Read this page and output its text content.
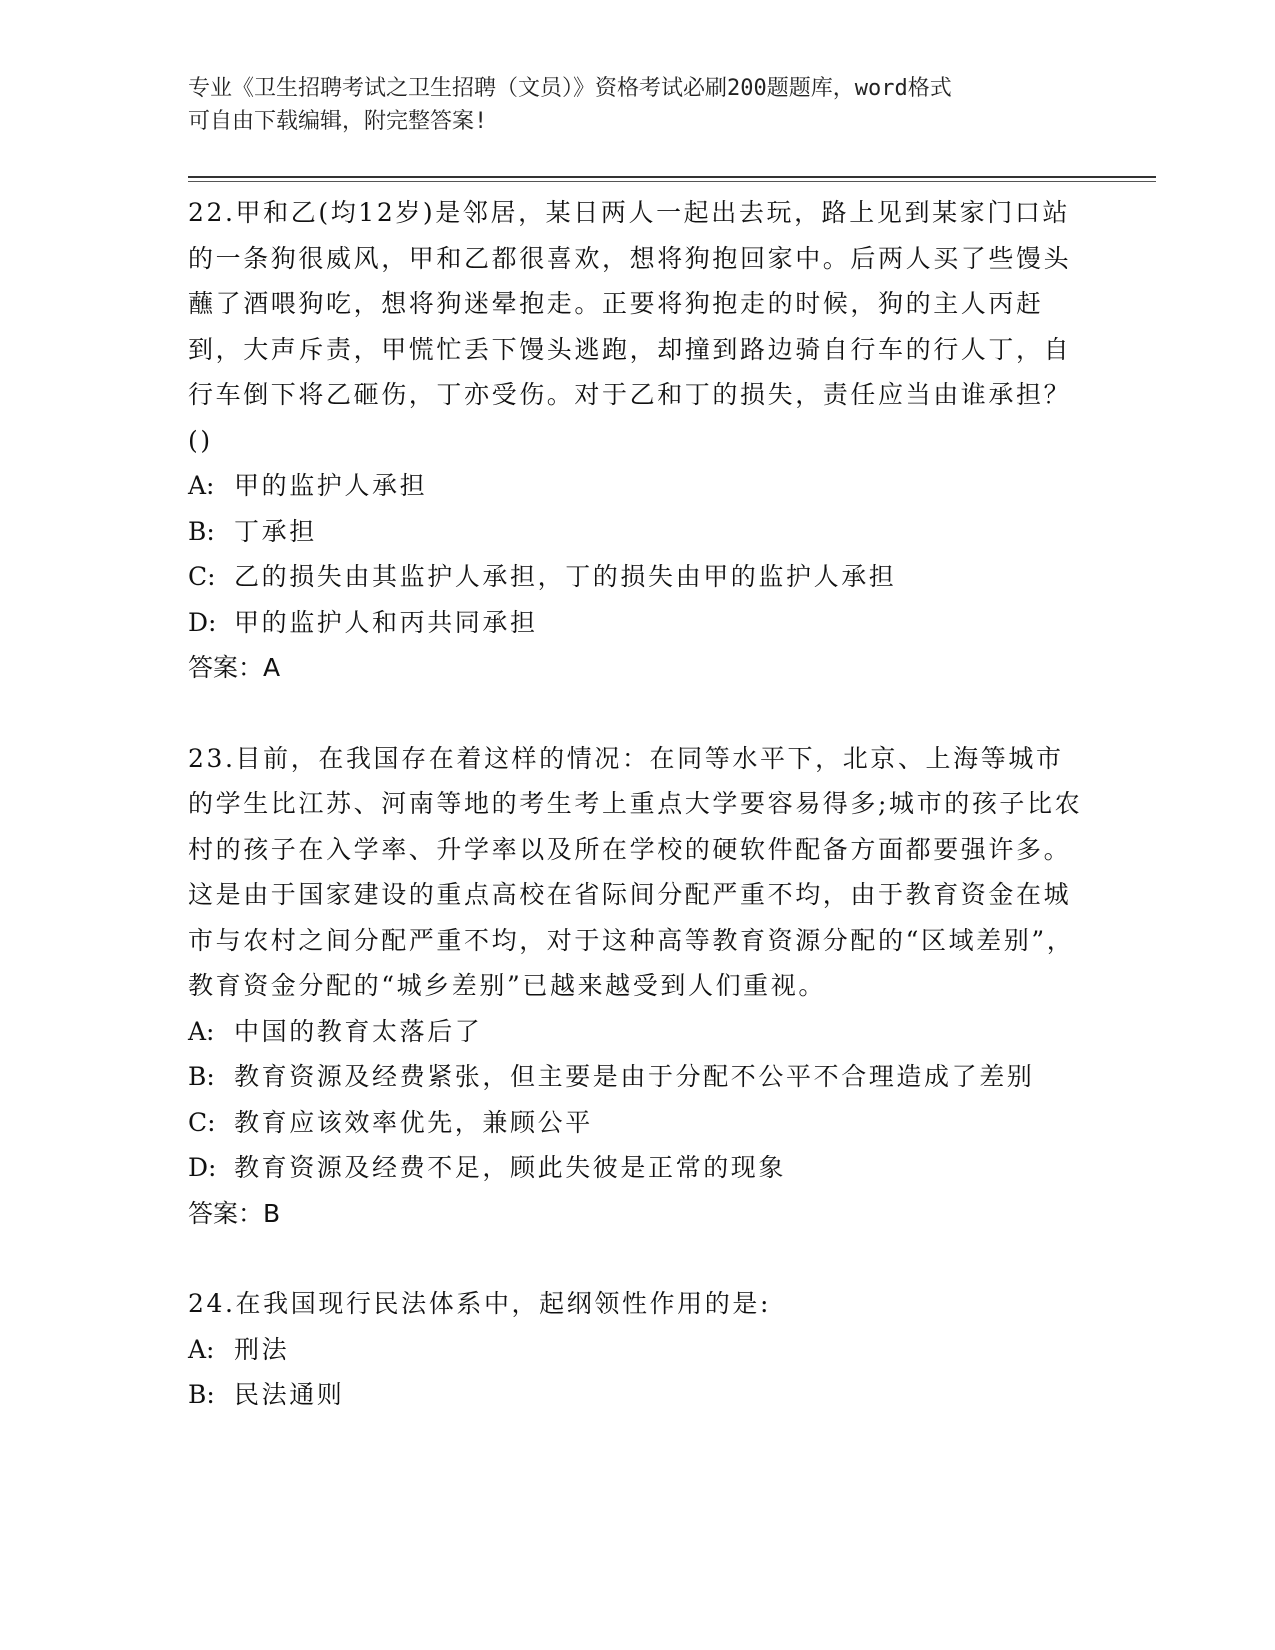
专业《卫生招聘考试之卫生招聘（文员）》资格考试必刷200题题库，word格式
可自由下载编辑，附完整答案!

22.甲和乙(均12岁)是邻居，某日两人一起出去玩，路上见到某家门口站的一条狗很威风，甲和乙都很喜欢，想将狗抱回家中。后两人买了些馒头蘸了酒喂狗吃，想将狗迷晕抱走。正要将狗抱走的时候，狗的主人丙赶到，大声斥责，甲慌忙丢下馒头逃跑，却撞到路边骑自行车的行人丁，自行车倒下将乙砸伤，丁亦受伤。对于乙和丁的损失，责任应当由谁承担？()

A: 甲的监护人承担

B: 丁承担

C: 乙的损失由其监护人承担，丁的损失由甲的监护人承担

D: 甲的监护人和丙共同承担

答案：A

23.目前，在我国存在着这样的情况：在同等水平下，北京、上海等城市的学生比江苏、河南等地的考生考上重点大学要容易得多;城市的孩子比农村的孩子在入学率、升学率以及所在学校的硬软件配备方面都要强许多。这是由于国家建设的重点高校在省际间分配严重不均，由于教育资金在城市与农村之间分配严重不均，对于这种高等教育资源分配的“区域差别”，教育资金分配的“城乡差别”已越来越受到人们重视。

A: 中国的教育太落后了

B: 教育资源及经费紧张，但主要是由于分配不公平不合理造成了差别

C: 教育应该效率优先，兼顾公平

D: 教育资源及经费不足，顾此失彼是正常的现象

答案：B

24.在我国现行民法体系中，起纲领性作用的是:

A: 刑法

B: 民法通则
